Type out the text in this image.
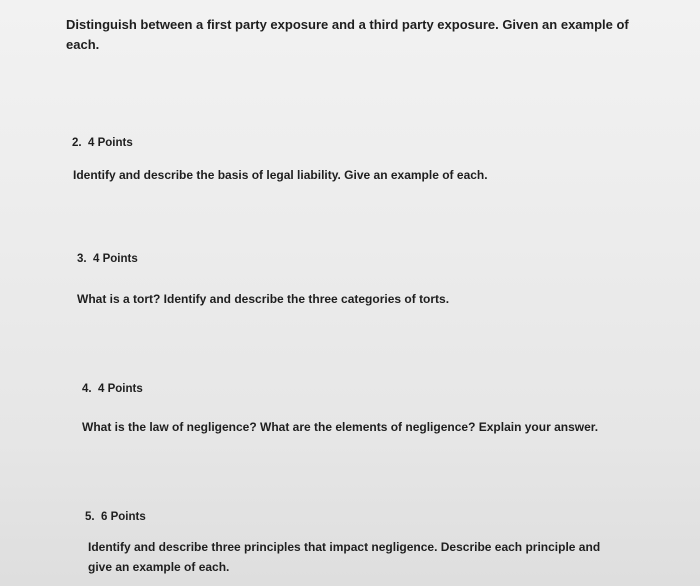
Distinguish between a first party exposure and a third party exposure. Given an example of each.
2. 4 Points
Identify and describe the basis of legal liability. Give an example of each.
3. 4 Points
What is a tort? Identify and describe the three categories of torts.
4. 4 Points
What is the law of negligence? What are the elements of negligence? Explain your answer.
5. 6 Points
Identify and describe three principles that impact negligence. Describe each principle and give an example of each.
